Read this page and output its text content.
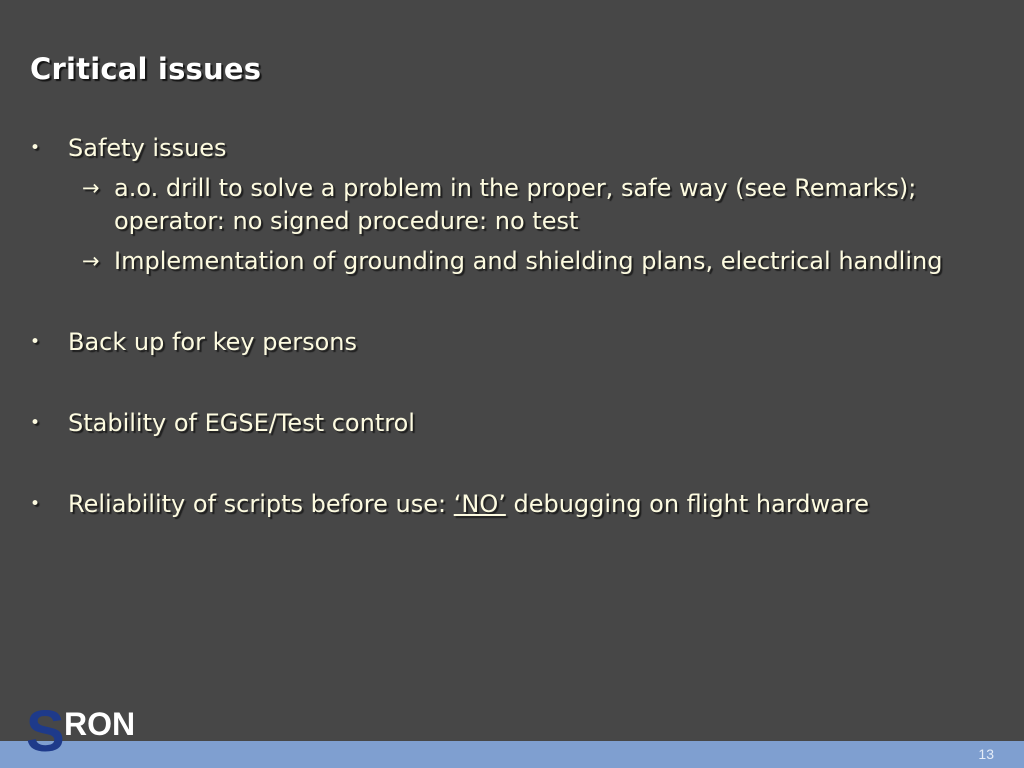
Critical issues
• Safety issues
→ a.o. drill to solve a problem in the proper, safe way (see Remarks); operator: no signed procedure: no test
→ Implementation of grounding and shielding plans, electrical handling
• Back up for key persons
• Stability of EGSE/Test control
• Reliability of scripts before use: ‘NO’ debugging on flight hardware
13
S RON
